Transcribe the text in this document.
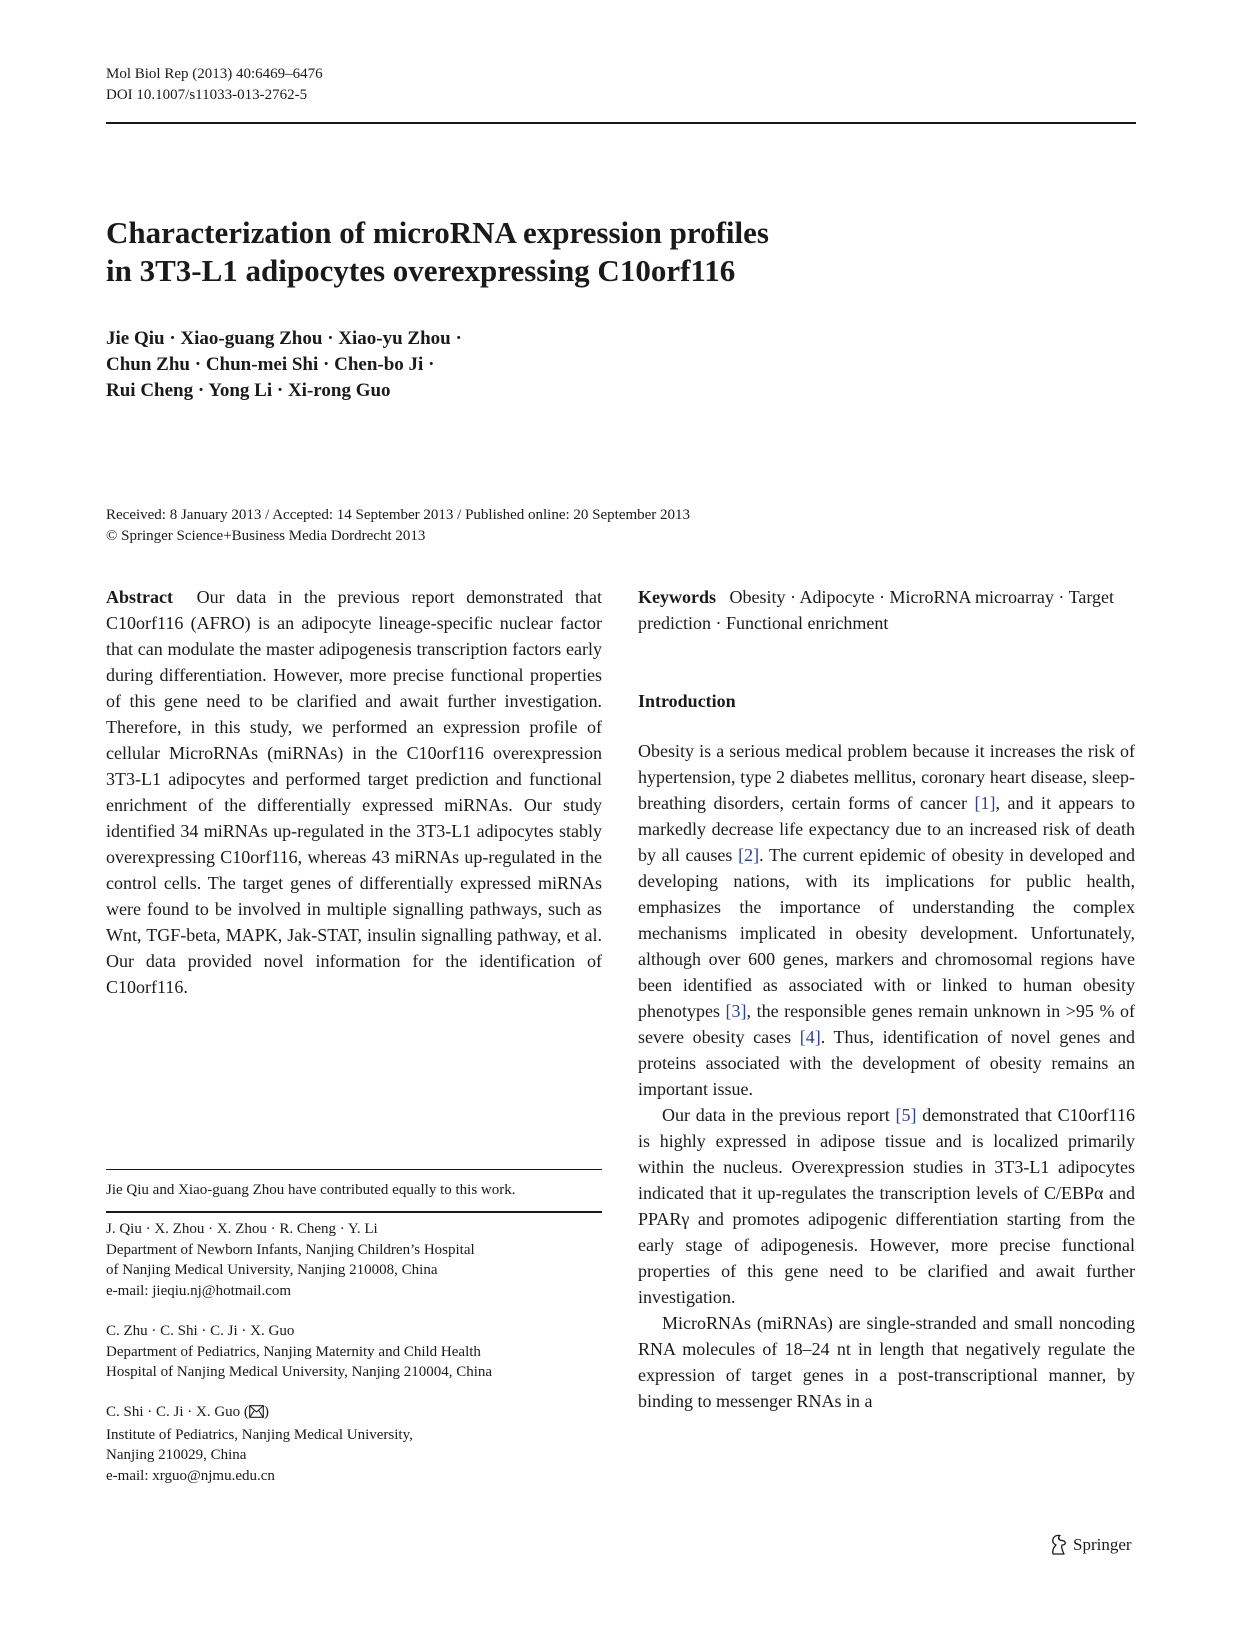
Mol Biol Rep (2013) 40:6469–6476
DOI 10.1007/s11033-013-2762-5
Characterization of microRNA expression profiles
in 3T3-L1 adipocytes overexpressing C10orf116
Jie Qiu · Xiao-guang Zhou · Xiao-yu Zhou ·
Chun Zhu · Chun-mei Shi · Chen-bo Ji ·
Rui Cheng · Yong Li · Xi-rong Guo
Received: 8 January 2013 / Accepted: 14 September 2013 / Published online: 20 September 2013
© Springer Science+Business Media Dordrecht 2013

Abstract Our data in the previous report demonstrated that C10orf116 (AFRO) is an adipocyte lineage-specific nuclear factor that can modulate the master adipogenesis transcription factors early during differentiation. However, more precise functional properties of this gene need to be clarified and await further investigation. Therefore, in this study, we performed an expression profile of cellular MicroRNAs (miRNAs) in the C10orf116 overexpression 3T3-L1 adipocytes and performed target prediction and functional enrichment of the differentially expressed miRNAs. Our study identified 34 miRNAs up-regulated in the 3T3-L1 adipocytes stably overexpressing C10orf116, whereas 43 miRNAs up-regulated in the control cells. The target genes of differentially expressed miRNAs were found to be involved in multiple signalling pathways, such as Wnt, TGF-beta, MAPK, Jak-STAT, insulin signalling pathway, et al. Our data provided novel information for the identification of C10orf116.

Jie Qiu and Xiao-guang Zhou have contributed equally to this work.
J. Qiu · X. Zhou · X. Zhou · R. Cheng · Y. Li
Department of Newborn Infants, Nanjing Children’s Hospital
of Nanjing Medical University, Nanjing 210008, China
e-mail: jieqiu.nj@hotmail.com
C. Zhu · C. Shi · C. Ji · X. Guo
Department of Pediatrics, Nanjing Maternity and Child Health
Hospital of Nanjing Medical University, Nanjing 210004, China
C. Shi · C. Ji · X. Guo ( )
Institute of Pediatrics, Nanjing Medical University,
Nanjing 210029, China
e-mail: xrguo@njmu.edu.cn

Keywords Obesity · Adipocyte · MicroRNA microarray · Target prediction · Functional enrichment

Introduction

Obesity is a serious medical problem because it increases the risk of hypertension, type 2 diabetes mellitus, coronary heart disease, sleep-breathing disorders, certain forms of cancer [1], and it appears to markedly decrease life expectancy due to an increased risk of death by all causes [2]. The current epidemic of obesity in developed and developing nations, with its implications for public health, emphasizes the importance of understanding the complex mechanisms implicated in obesity development. Unfortunately, although over 600 genes, markers and chromosomal regions have been identified as associated with or linked to human obesity phenotypes [3], the responsible genes remain unknown in >95 % of severe obesity cases [4]. Thus, identification of novel genes and proteins associated with the development of obesity remains an important issue.

Our data in the previous report [5] demonstrated that C10orf116 is highly expressed in adipose tissue and is localized primarily within the nucleus. Overexpression studies in 3T3-L1 adipocytes indicated that it up-regulates the transcription levels of C/EBPα and PPARγ and promotes adipogenic differentiation starting from the early stage of adipogenesis. However, more precise functional properties of this gene need to be clarified and await further investigation.

MicroRNAs (miRNAs) are single-stranded and small noncoding RNA molecules of 18–24 nt in length that negatively regulate the expression of target genes in a post-transcriptional manner, by binding to messenger RNAs in a

Springer
